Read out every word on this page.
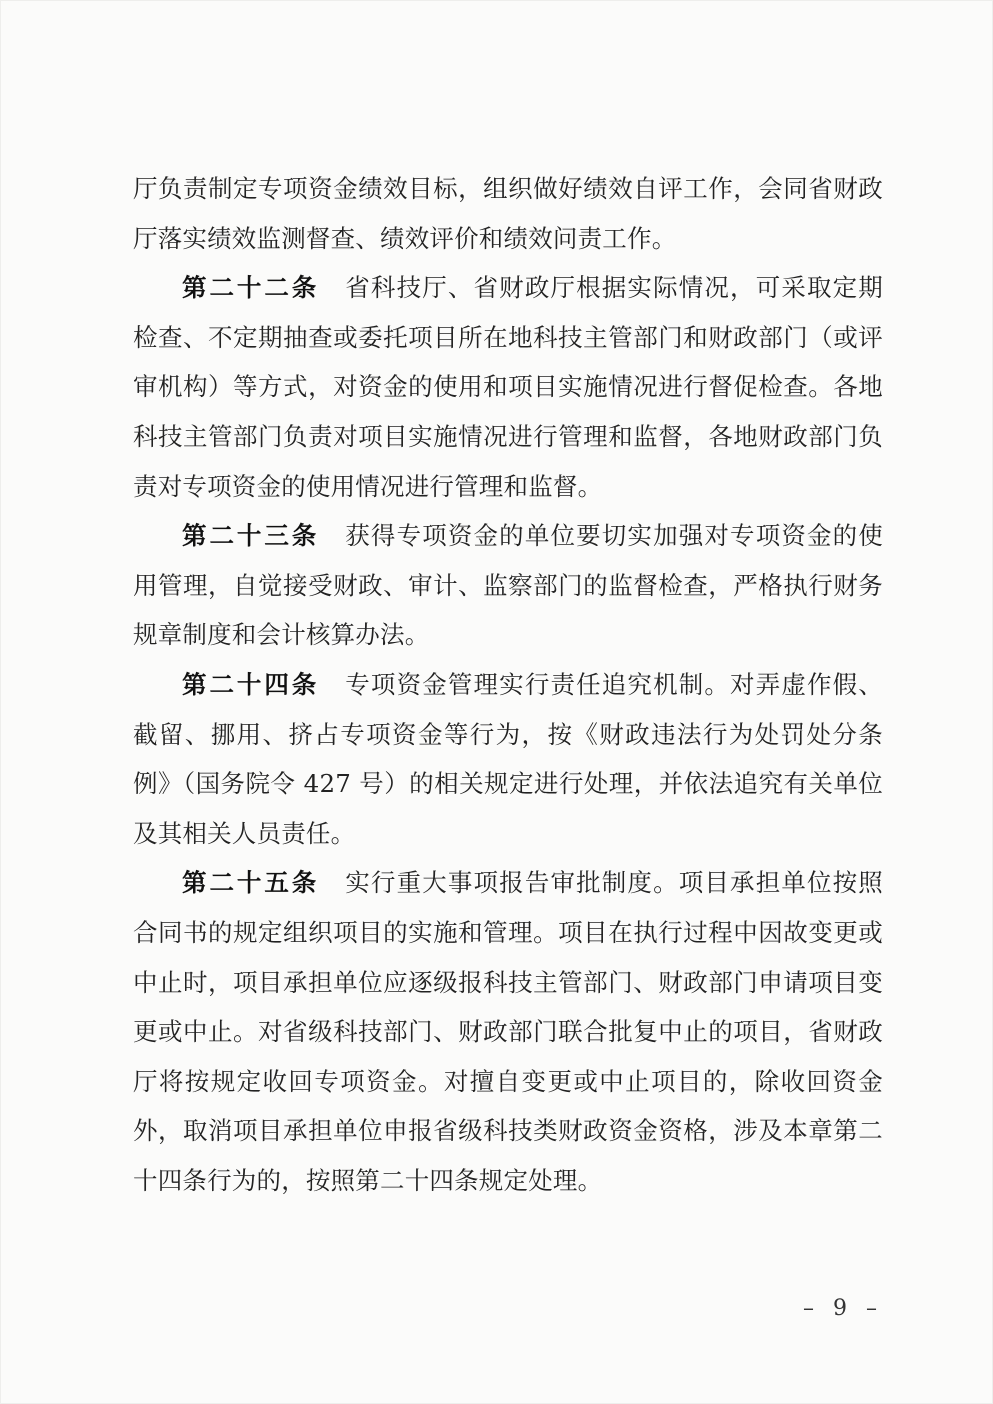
厅负责制定专项资金绩效目标，组织做好绩效自评工作，会同省财政厅落实绩效监测督查、绩效评价和绩效问责工作。

第二十二条 省科技厅、省财政厅根据实际情况，可采取定期检查、不定期抽查或委托项目所在地科技主管部门和财政部门（或评审机构）等方式，对资金的使用和项目实施情况进行督促检查。各地科技主管部门负责对项目实施情况进行管理和监督，各地财政部门负责对专项资金的使用情况进行管理和监督。

第二十三条 获得专项资金的单位要切实加强对专项资金的使用管理，自觉接受财政、审计、监察部门的监督检查，严格执行财务规章制度和会计核算办法。

第二十四条 专项资金管理实行责任追究机制。对弄虚作假、截留、挪用、挤占专项资金等行为，按《财政违法行为处罚处分条例》（国务院令 427 号）的相关规定进行处理，并依法追究有关单位及其相关人员责任。

第二十五条 实行重大事项报告审批制度。项目承担单位按照合同书的规定组织项目的实施和管理。项目在执行过程中因故变更或中止时，项目承担单位应逐级报科技主管部门、财政部门申请项目变更或中止。对省级科技部门、财政部门联合批复中止的项目，省财政厅将按规定收回专项资金。对擅自变更或中止项目的，除收回资金外，取消项目承担单位申报省级科技类财政资金资格，涉及本章第二十四条行为的，按照第二十四条规定处理。

– 9 –
